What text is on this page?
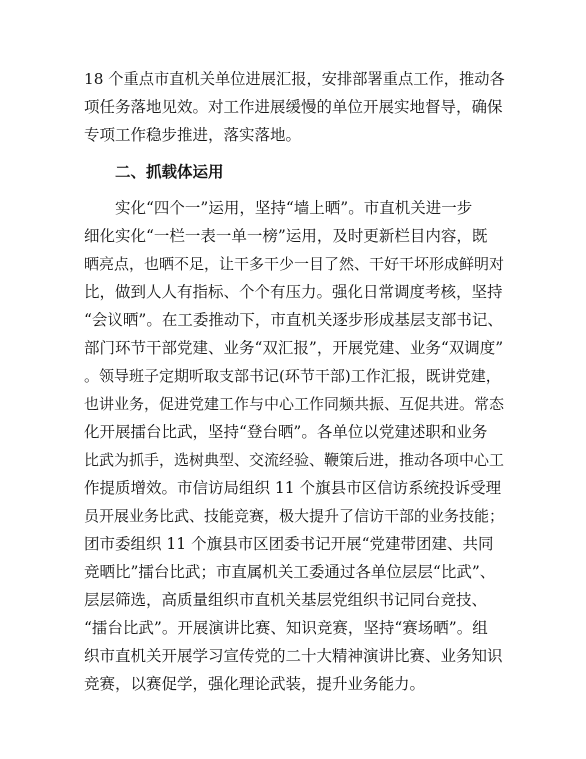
18 个重点市直机关单位进展汇报，安排部署重点工作，推动各
项任务落地见效。对工作进展缓慢的单位开展实地督导，确保
专项工作稳步推进，落实落地。
二、抓载体运用
实化“四个一”运用，坚持“墙上晒”。市直机关进一步
细化实化“一栏一表一单一榜”运用，及时更新栏目内容，既
晒亮点，也晒不足，让干多干少一目了然、干好干坏形成鲜明对
比，做到人人有指标、个个有压力。强化日常调度考核，坚持
“会议晒”。在工委推动下，市直机关逐步形成基层支部书记、
部门环节干部党建、业务“双汇报”，开展党建、业务“双调度”
。领导班子定期听取支部书记(环节干部)工作汇报，既讲党建，
也讲业务，促进党建工作与中心工作同频共振、互促共进。常态
化开展擂台比武，坚持“登台晒”。各单位以党建述职和业务
比武为抓手，选树典型、交流经验、鞭策后进，推动各项中心工
作提质增效。市信访局组织 11 个旗县市区信访系统投诉受理
员开展业务比武、技能竞赛，极大提升了信访干部的业务技能；
团市委组织 11 个旗县市区团委书记开展“党建带团建、共同
竞晒比”擂台比武；市直属机关工委通过各单位层层“比武”、
层层筛选，高质量组织市直机关基层党组织书记同台竞技、
“擂台比武”。开展演讲比赛、知识竞赛，坚持“赛场晒”。组
织市直机关开展学习宣传党的二十大精神演讲比赛、业务知识
竞赛，以赛促学，强化理论武装，提升业务能力。
